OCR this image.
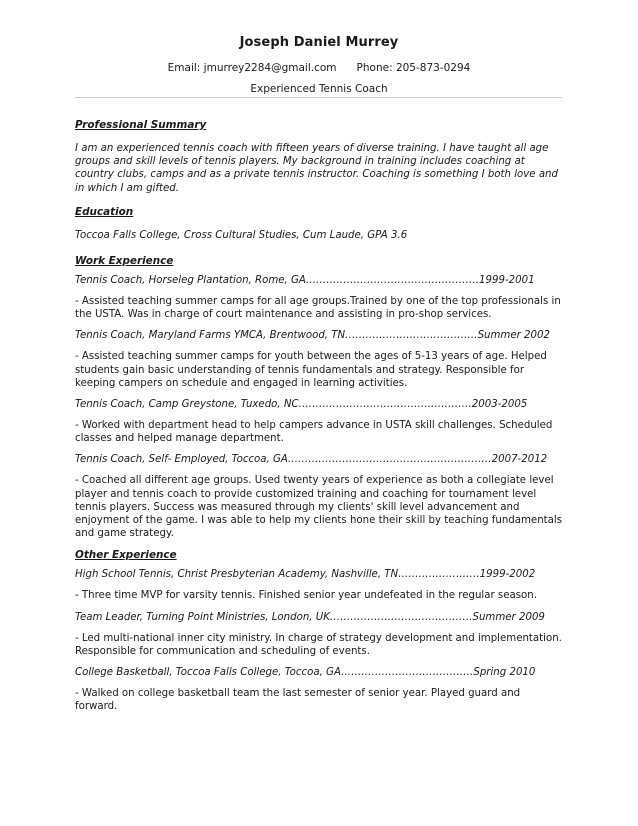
Joseph Daniel Murrey
Email: jmurrey2284@gmail.com      Phone: 205-873-0294
Experienced Tennis Coach
Professional Summary
I am an experienced tennis coach with fifteen years of diverse training. I have taught all age groups and skill levels of tennis players. My background in training includes coaching at country clubs, camps and as a private tennis instructor. Coaching is something I both love and in which I am gifted.
Education
Toccoa Falls College, Cross Cultural Studies, Cum Laude, GPA 3.6
Work Experience
Tennis Coach, Horseleg Plantation, Rome, GA……………………………………………1999-2001
- Assisted teaching summer camps for all age groups.Trained by one of the top professionals in the USTA. Was in charge of court maintenance and assisting in pro-shop services.
Tennis Coach, Maryland Farms YMCA, Brentwood, TN…………………………………Summer 2002
- Assisted teaching summer camps for youth between the ages of 5-13 years of age. Helped students gain basic understanding of tennis fundamentals and strategy. Responsible for keeping campers on schedule and engaged in learning activities.
Tennis Coach, Camp Greystone, Tuxedo, NC……………………………………………2003-2005
- Worked with department head to help campers advance in USTA skill challenges. Scheduled classes and helped manage department.
Tennis Coach, Self- Employed, Toccoa, GA……………………………………………………2007-2012
- Coached all different age groups. Used twenty years of experience as both a collegiate level player and tennis coach to provide customized training and coaching for tournament level tennis players. Success was measured through my clients' skill level advancement and enjoyment of the game. I was able to help my clients hone their skill by teaching fundamentals and game strategy.
Other Experience
High School Tennis, Christ Presbyterian Academy, Nashville, TN……………………1999-2002
- Three time MVP for varsity tennis. Finished senior year undefeated in the regular season.
Team Leader, Turning Point Ministries, London, UK……………………………………Summer 2009
- Led multi-national inner city ministry. In charge of strategy development and implementation. Responsible for communication and scheduling of events.
College Basketball, Toccoa Falls College, Toccoa, GA…………………………………Spring 2010
- Walked on college basketball team the last semester of senior year. Played guard and forward.
